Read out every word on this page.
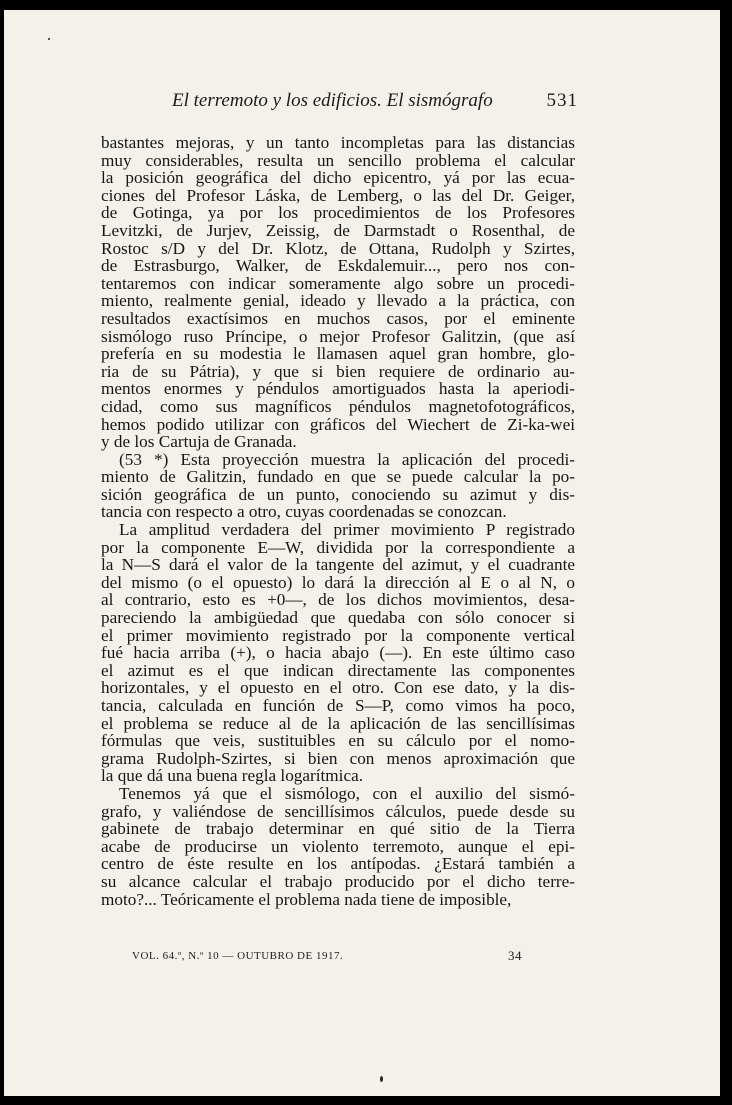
El terremoto y los edificios. El sismógrafo	531
bastantes mejoras, y un tanto incompletas para las distancias
muy considerables, resulta un sencillo problema el calcular
la posición geográfica del dicho epicentro, yá por las ecua-
ciones del Profesor Láska, de Lemberg, o las del Dr. Geiger,
de Gotinga, ya por los procedimientos de los Profesores
Levitzki, de Jurjev, Zeissig, de Darmstadt o Rosenthal, de
Rostoc s/D y del Dr. Klotz, de Ottana, Rudolph y Szirtes,
de Estrasburgo, Walker, de Eskdalemuir..., pero nos con-
tentaremos con indicar someramente algo sobre un procedi-
miento, realmente genial, ideado y llevado a la práctica, con
resultados exactísimos en muchos casos, por el eminente
sismólogo ruso Príncipe, o mejor Profesor Galitzin, (que así
prefería en su modestia le llamasen aquel gran hombre, glo-
ria de su Pátria), y que si bien requiere de ordinario au-
mentos enormes y péndulos amortiguados hasta la aperiodi-
cidad, como sus magníficos péndulos magnetofotográficos,
hemos podido utilizar con gráficos del Wiechert de Zi-ka-wei
y de los Cartuja de Granada.
(53 *) Esta proyección muestra la aplicación del procedi-
miento de Galitzin, fundado en que se puede calcular la po-
sición geográfica de un punto, conociendo su azimut y dis-
tancia con respecto a otro, cuyas coordenadas se conozcan.
La amplitud verdadera del primer movimiento P registrado
por la componente E—W, dividida por la correspondiente a
la N—S dará el valor de la tangente del azimut, y el cuadrante
del mismo (o el opuesto) lo dará la dirección al E o al N, o
al contrario, esto es +0—, de los dichos movimientos, desa-
pareciendo la ambigüedad que quedaba con sólo conocer si
el primer movimiento registrado por la componente vertical
fué hacia arriba (+), o hacia abajo (—). En este último caso
el azimut es el que indican directamente las componentes
horizontales, y el opuesto en el otro. Con ese dato, y la dis-
tancia, calculada en función de S—P, como vimos ha poco,
el problema se reduce al de la aplicación de las sencillísimas
fórmulas que veis, sustituibles en su cálculo por el nomo-
grama Rudolph-Szirtes, si bien con menos aproximación que
la que dá una buena regla logarítmica.
Tenemos yá que el sismólogo, con el auxilio del sismó-
grafo, y valiéndose de sencillísimos cálculos, puede desde su
gabinete de trabajo determinar en qué sitio de la Tierra
acabe de producirse un violento terremoto, aunque el epi-
centro de éste resulte en los antípodas. ¿Estará también a
su alcance calcular el trabajo producido por el dicho terre-
moto?... Teóricamente el problema nada tiene de imposible,
VOL. 64.º, N.º 10 — OUTUBRO DE 1917.	34
